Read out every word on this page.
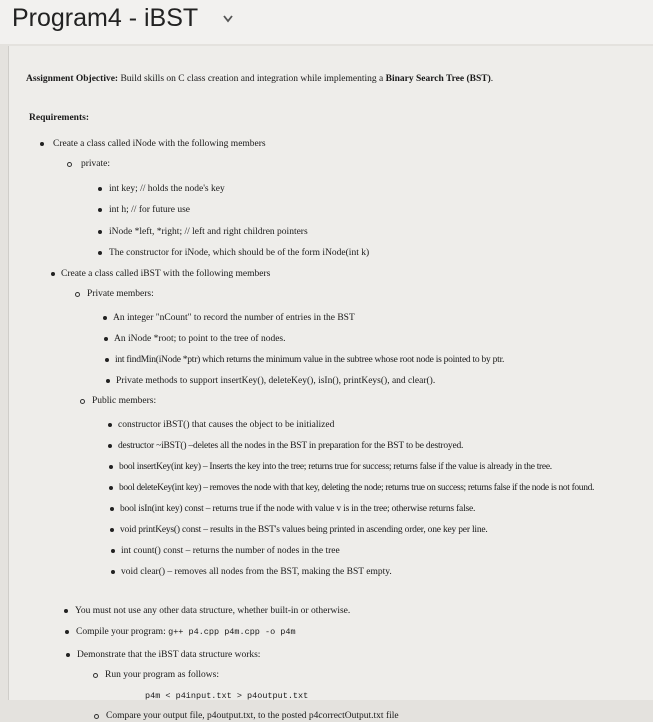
Program4 - iBST
Assignment Objective: Build skills on C class creation and integration while implementing a Binary Search Tree (BST).
Requirements:
Create a class called iNode with the following members
private:
int key; // holds the node's key
int h; // for future use
iNode *left, *right; // left and right children pointers
The constructor for iNode, which should be of the form iNode(int k)
Create a class called iBST with the following members
Private members:
An integer "nCount" to record the number of entries in the BST
An iNode *root; to point to the tree of nodes.
int findMin(iNode *ptr) which returns the minimum value in the subtree whose root node is pointed to by ptr.
Private methods to support insertKey(), deleteKey(), isIn(), printKeys(), and clear().
Public members:
constructor iBST() that causes the object to be initialized
destructor ~iBST() –deletes all the nodes in the BST in preparation for the BST to be destroyed.
bool insertKey(int key) – Inserts the key into the tree; returns true for success; returns false if the value is already in the tree.
bool deleteKey(int key) – removes the node with that key, deleting the node; returns true on success; returns false if the node is not found.
bool isIn(int key) const – returns true if the node with value v is in the tree; otherwise returns false.
void printKeys() const – results in the BST's values being printed in ascending order, one key per line.
int count() const – returns the number of nodes in the tree
void clear() – removes all nodes from the BST, making the BST empty.
You must not use any other data structure, whether built-in or otherwise.
Compile your program: g++ p4.cpp p4m.cpp -o p4m
Demonstrate that the iBST data structure works:
Run your program as follows:
p4m < p4input.txt > p4output.txt
Compare your output file, p4output.txt, to the posted p4correctOutput.txt file
